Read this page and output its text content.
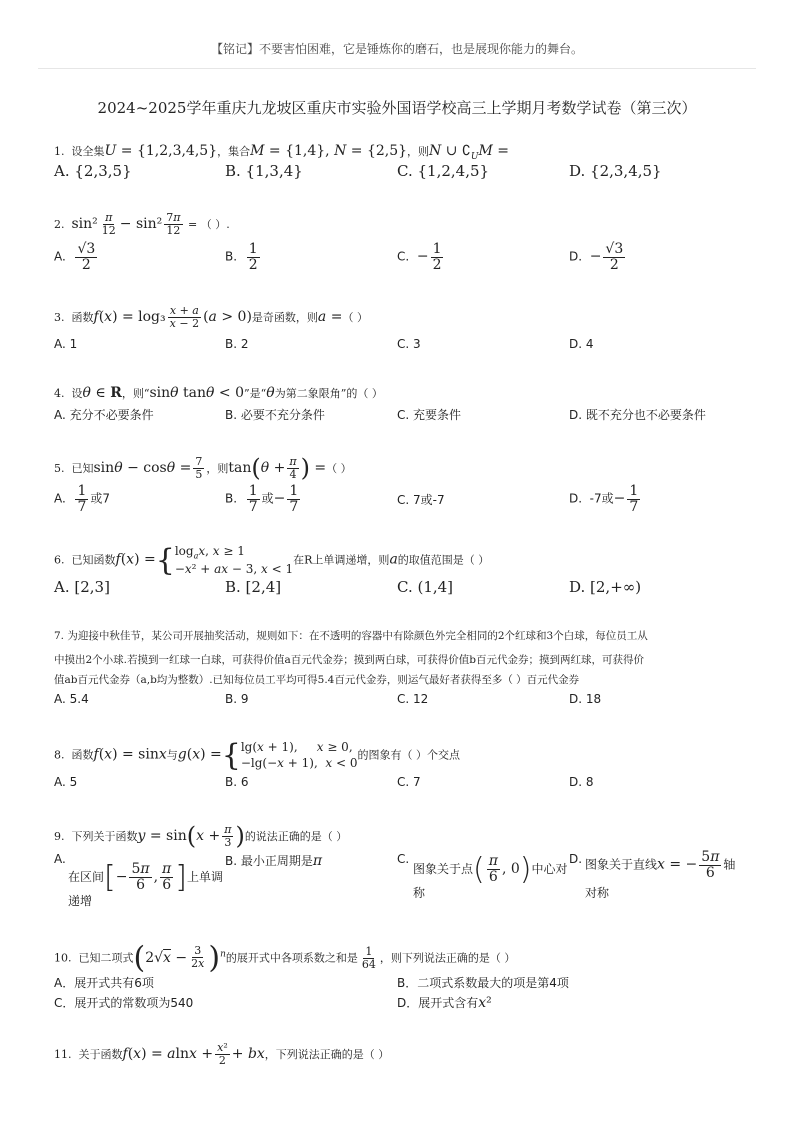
【铭记】不要害怕困难，它是锤炼你的磨石，也是展现你能力的舞台。
2024~2025学年重庆九龙坡区重庆市实验外国语学校高三上学期月考数学试卷（第三次）
1. 设全集U = {1,2,3,4,5}，集合M = {1,4}, N = {2,5}，则N ∪ $∁_UM$ =
A. {2,3,5}	B. {1,3,4}	C. {1,2,4,5}	D. {2,3,4,5}
2. $\sin^2 \frac{\pi}{12} - \sin^2 \frac{7\pi}{12}$ = （ ）.
A. $\frac{√3}{2}$	B. $\frac{1}{2}$	C.  − $\frac{1}{2}$	D.  − $\frac{√3}{2}$
3. 函数$f(x) = \log_3 \frac{x + a}{x - 2} (a > 0)$是奇函数，则a =（ ）
A. 1	B. 2	C. 3	D. 4
4. 设θ ∈ R，则“sinθ tanθ < 0”是“θ为第二象限角”的（ ）
A. 充分不必要条件	B. 必要不充分条件	C. 充要条件	D. 既不充分也不必要条件
5. 已知$\sin\theta - \cos\theta = \frac{7}{5}$ ，则$\tan(\theta + \frac{\pi}{4}$ ) =（ ）
A. $\frac{1}{7}$ 或7	B. $\frac{1}{7}$ 或− $\frac{1}{7}$	C. 7或-7	D.  -7或− $\frac{1}{7}$
6. 已知函数f(x) ={ $\log_ax$, x ≥ 1
−x² + ax − 3, x < 1
在R上单调递增，则a的取值范围是（ ）
A. [2,3]	B. [2,4]	C. (1,4]	D. [2,+∞)
7. 为迎接中秋佳节，某公司开展抽奖活动，规则如下：在不透明的容器中有除颜色外完全相同的2个红球和3个白球，每位员工从
中摸出2个小球.若摸到一红球一白球，可获得价值a百元代金券；摸到两白球，可获得价值b百元代金券；摸到两红球，可获得价
值ab百元代金券（a,b均为整数）.已知每位员工平均可得5.4百元代金券，则运气最好者获得至多（ ）百元代金券
A. 5.4	B. 9	C. 12	D. 18
8. 函数f(x) = sinx与g(x) ={ lg(x + 1),     x ≥ 0,
−lg(−x + 1),  x < 0
的图象有（ ）个交点
A. 5	B. 6	C. 7	D. 8
9. 下列关于函数$y = \sin(x + \frac{\pi}{3}$ )的说法正确的是（ ）
A.
在区间[− $\frac{5\pi}{6}$ , $\frac{\pi}{6}$ ]上单调
递增
B. 最小正周期是π	C.
图象关于点( $\frac{\pi}{6}$ , 0)中心对
称
D. 图象关于直线x = − $\frac{5\pi}{6}$ 轴
对称
10. 已知二项式$(2√x - \frac{3}{2x} )^n$的展开式中各项系数之和是 $\frac{1}{64}$ ，则下列说法正确的是（ ）
A．展开式共有6项	B．二项式系数最大的项是第4项
C．展开式的常数项为540	D．展开式含有x²
11. 关于函数$f(x) = alnx + \frac{\text{x²}}{2}$ + bx，下列说法正确的是（ ）
